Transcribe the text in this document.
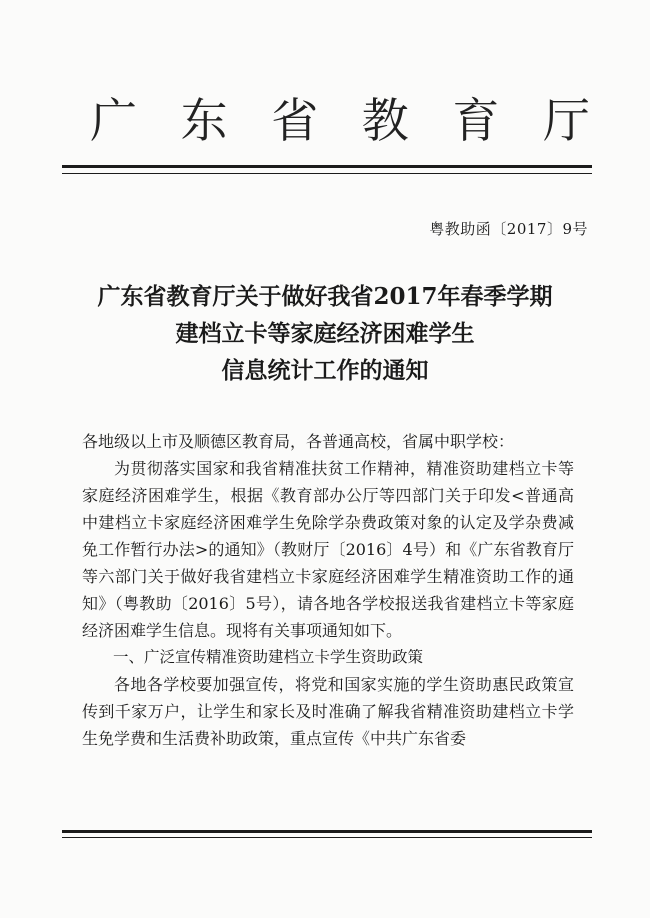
广 东 省 教 育 厅
粤教助函〔2017〕9号
广东省教育厅关于做好我省2017年春季学期
建档立卡等家庭经济困难学生
信息统计工作的通知

各地级以上市及顺德区教育局，各普通高校，省属中职学校：

为贯彻落实国家和我省精准扶贫工作精神，精准资助建档立卡等家庭经济困难学生，根据《教育部办公厅等四部门关于印发<普通高中建档立卡家庭经济困难学生免除学杂费政策对象的认定及学杂费减免工作暂行办法>的通知》（教财厅〔2016〕4号）和《广东省教育厅等六部门关于做好我省建档立卡家庭经济困难学生精准资助工作的通知》（粤教助〔2016〕5号），请各地各学校报送我省建档立卡等家庭经济困难学生信息。现将有关事项通知如下。

一、广泛宣传精准资助建档立卡学生资助政策

各地各学校要加强宣传，将党和国家实施的学生资助惠民政策宣传到千家万户，让学生和家长及时准确了解我省精准资助建档立卡学生免学费和生活费补助政策，重点宣传《中共广东省委
